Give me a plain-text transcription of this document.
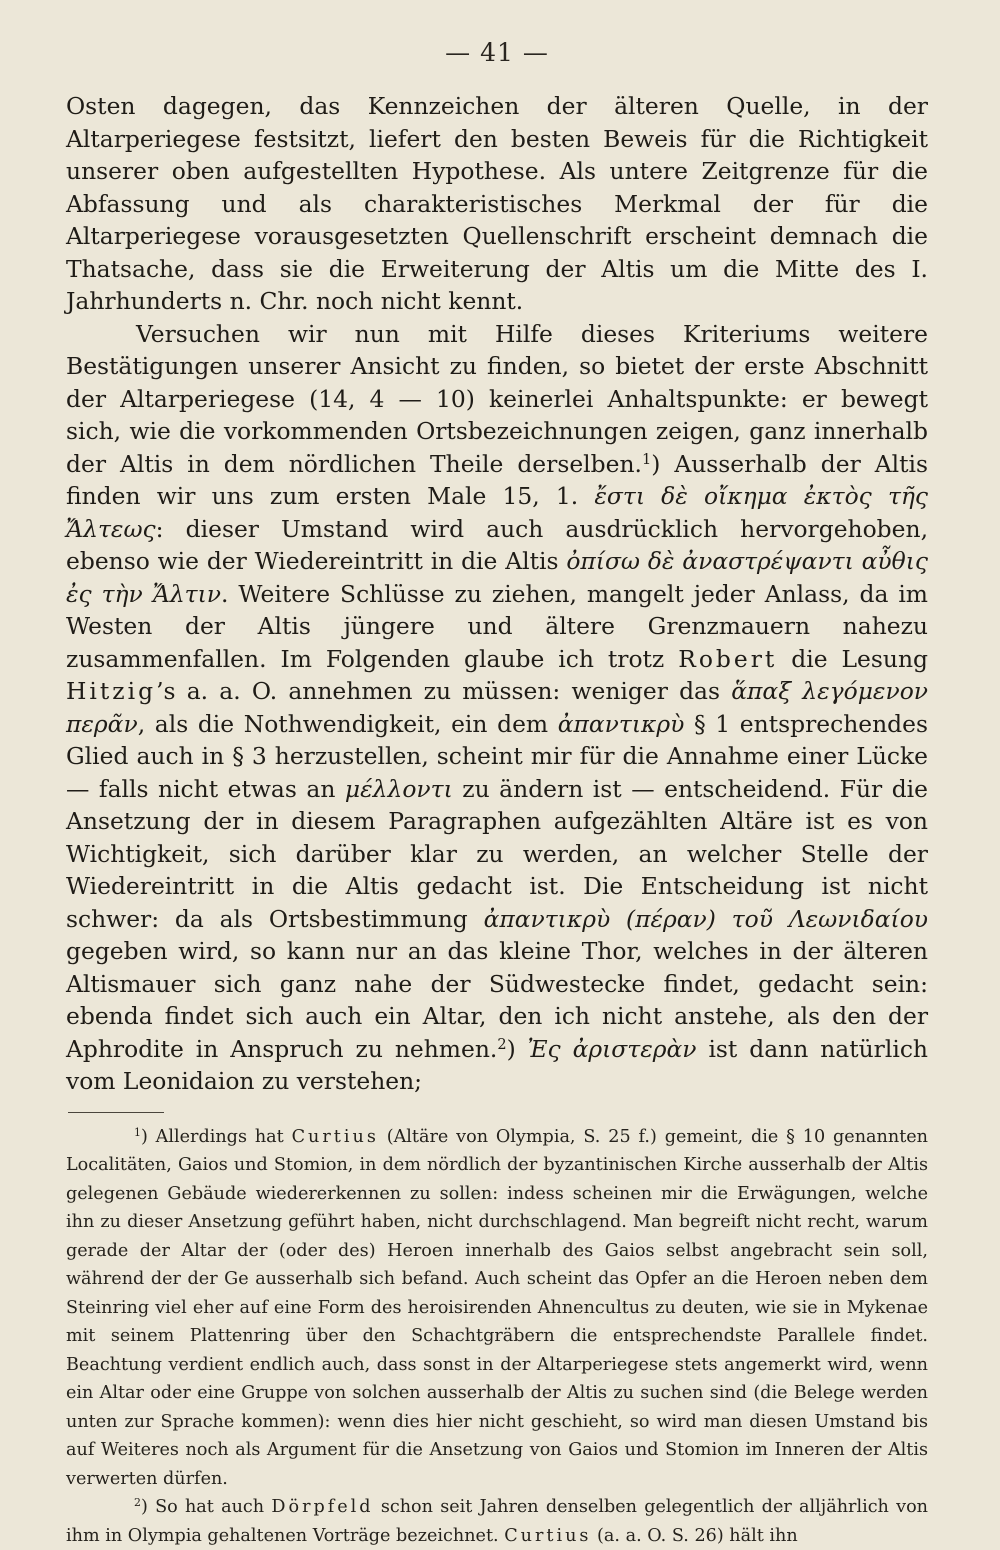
— 41 —

Osten dagegen, das Kennzeichen der älteren Quelle, in der Altarperiegese festsitzt, liefert den besten Beweis für die Richtigkeit unserer oben aufgestellten Hypothese. Als untere Zeitgrenze für die Abfassung und als charakteristisches Merkmal der für die Altarperiegese vorausgesetzten Quellenschrift erscheint demnach die Thatsache, dass sie die Erweiterung der Altis um die Mitte des I. Jahrhunderts n. Chr. noch nicht kennt.

Versuchen wir nun mit Hilfe dieses Kriteriums weitere Bestätigungen unserer Ansicht zu finden, so bietet der erste Abschnitt der Altarperiegese (14, 4 — 10) keinerlei Anhaltspunkte: er bewegt sich, wie die vorkommenden Ortsbezeichnungen zeigen, ganz innerhalb der Altis in dem nördlichen Theile derselben.$^1$) Ausserhalb der Altis finden wir uns zum ersten Male 15, 1. ἔστι δὲ οἴκημα ἐκτὸς τῆς Ἄλτεως: dieser Umstand wird auch ausdrücklich hervorgehoben, ebenso wie der Wiedereintritt in die Altis ὀπίσω δὲ ἀναστρέψαντι αὖθις ἐς τὴν Ἄλτιν. Weitere Schlüsse zu ziehen, mangelt jeder Anlass, da im Westen der Altis jüngere und ältere Grenzmauern nahezu zusammenfallen. Im Folgenden glaube ich trotz Robert die Lesung Hitzig’s a. a. O. annehmen zu müssen: weniger das ἅπαξ λεγόμενον περᾶν, als die Nothwendigkeit, ein dem ἀπαντικρὺ § 1 entsprechendes Glied auch in § 3 herzustellen, scheint mir für die Annahme einer Lücke — falls nicht etwas an μέλλοντι zu ändern ist — entscheidend. Für die Ansetzung der in diesem Paragraphen aufgezählten Altäre ist es von Wichtigkeit, sich darüber klar zu werden, an welcher Stelle der Wiedereintritt in die Altis gedacht ist. Die Entscheidung ist nicht schwer: da als Ortsbestimmung ἀπαντικρὺ (πέραν) τοῦ Λεωνιδαίου gegeben wird, so kann nur an das kleine Thor, welches in der älteren Altismauer sich ganz nahe der Südwestecke findet, gedacht sein: ebenda findet sich auch ein Altar, den ich nicht anstehe, als den der Aphrodite in Anspruch zu nehmen.$^2$) Ἐς ἀριστερὰν ist dann natürlich vom Leonidaion zu verstehen;

$^1$) Allerdings hat Curtius (Altäre von Olympia, S. 25 f.) gemeint, die § 10 genannten Localitäten, Gaios und Stomion, in dem nördlich der byzantinischen Kirche ausserhalb der Altis gelegenen Gebäude wiedererkennen zu sollen: indess scheinen mir die Erwägungen, welche ihn zu dieser Ansetzung geführt haben, nicht durchschlagend. Man begreift nicht recht, warum gerade der Altar der (oder des) Heroen innerhalb des Gaios selbst angebracht sein soll, während der der Ge ausserhalb sich befand. Auch scheint das Opfer an die Heroen neben dem Steinring viel eher auf eine Form des heroisirenden Ahnencultus zu deuten, wie sie in Mykenae mit seinem Plattenring über den Schachtgräbern die entsprechendste Parallele findet. Beachtung verdient endlich auch, dass sonst in der Altarperiegese stets angemerkt wird, wenn ein Altar oder eine Gruppe von solchen ausserhalb der Altis zu suchen sind (die Belege werden unten zur Sprache kommen): wenn dies hier nicht geschieht, so wird man diesen Umstand bis auf Weiteres noch als Argument für die Ansetzung von Gaios und Stomion im Inneren der Altis verwerten dürfen.

$^2$) So hat auch Dörpfeld schon seit Jahren denselben gelegentlich der alljährlich von ihm in Olympia gehaltenen Vorträge bezeichnet. Curtius (a. a. O. S. 26) hält ihn
